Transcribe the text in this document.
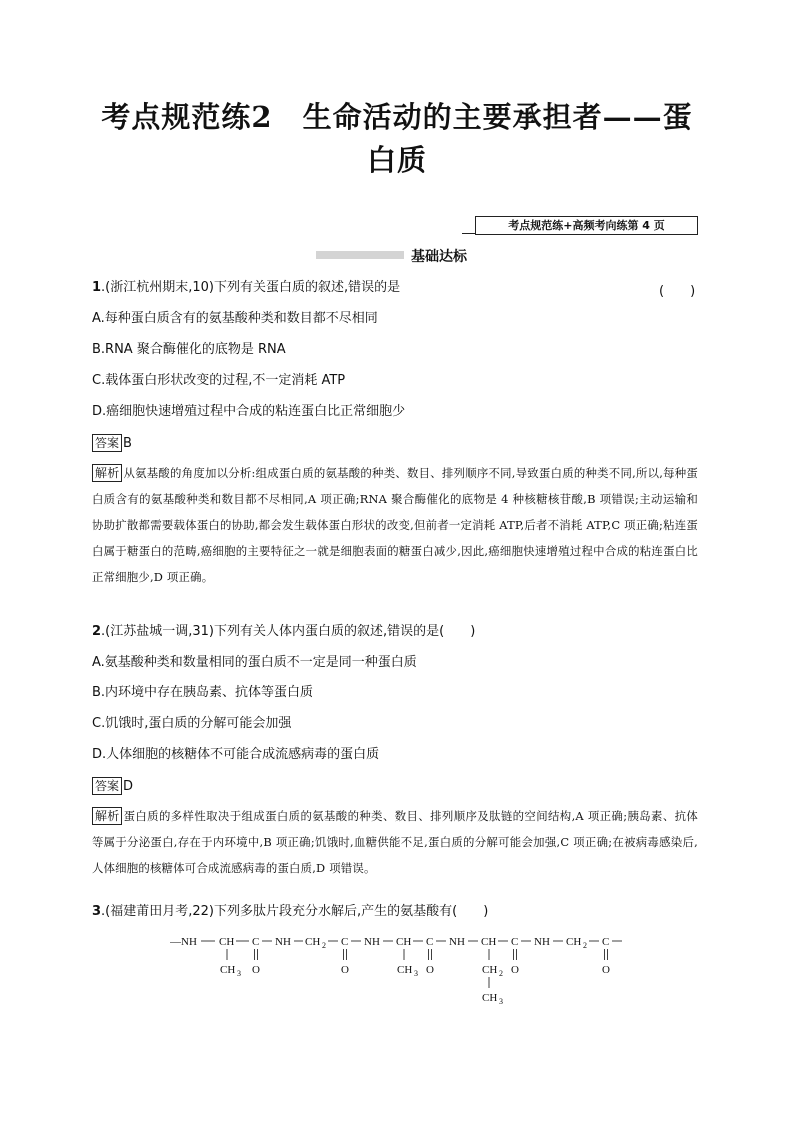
考点规范练2　生命活动的主要承担者——蛋
白质
考点规范练+高频考向练第 4 页
基础达标
1.(浙江杭州期末,10)下列有关蛋白质的叙述,错误的是	(　　)
A.每种蛋白质含有的氨基酸种类和数目都不尽相同
B.RNA 聚合酶催化的底物是 RNA
C.载体蛋白形状改变的过程,不一定消耗 ATP
D.癌细胞快速增殖过程中合成的粘连蛋白比正常细胞少
答案 B
解析 从氨基酸的角度加以分析:组成蛋白质的氨基酸的种类、数目、排列顺序不同,导致蛋白质的种类不同,所以,每种蛋白质含有的氨基酸种类和数目都不尽相同,A 项正确;RNA 聚合酶催化的底物是 4 种核糖核苷酸,B 项错误;主动运输和协助扩散都需要载体蛋白的协助,都会发生载体蛋白形状的改变,但前者一定消耗 ATP,后者不消耗 ATP,C 项正确;粘连蛋白属于糖蛋白的范畴,癌细胞的主要特征之一就是细胞表面的糖蛋白减少,因此,癌细胞快速增殖过程中合成的粘连蛋白比正常细胞少,D 项正确。
2.(江苏盐城一调,31)下列有关人体内蛋白质的叙述,错误的是(　　)
A.氨基酸种类和数量相同的蛋白质不一定是同一种蛋白质
B.内环境中存在胰岛素、抗体等蛋白质
C.饥饿时,蛋白质的分解可能会加强
D.人体细胞的核糖体不可能合成流感病毒的蛋白质
答案 D
解析 蛋白质的多样性取决于组成蛋白质的氨基酸的种类、数目、排列顺序及肽链的空间结构,A 项正确;胰岛素、抗体等属于分泌蛋白,存在于内环境中,B 项正确;饥饿时,血糖供能不足,蛋白质的分解可能会加强,C 项正确;在被病毒感染后,人体细胞的核糖体可合成流感病毒的蛋白质,D 项错误。
3.(福建莆田月考,22)下列多肽片段充分水解后,产生的氨基酸有(　　)
—NH CH C NH CH 2 C NH CH C NH CH C NH CH 2 C
CH 3 O	O	CH 3 O	CH 2 O	O
CH 3
